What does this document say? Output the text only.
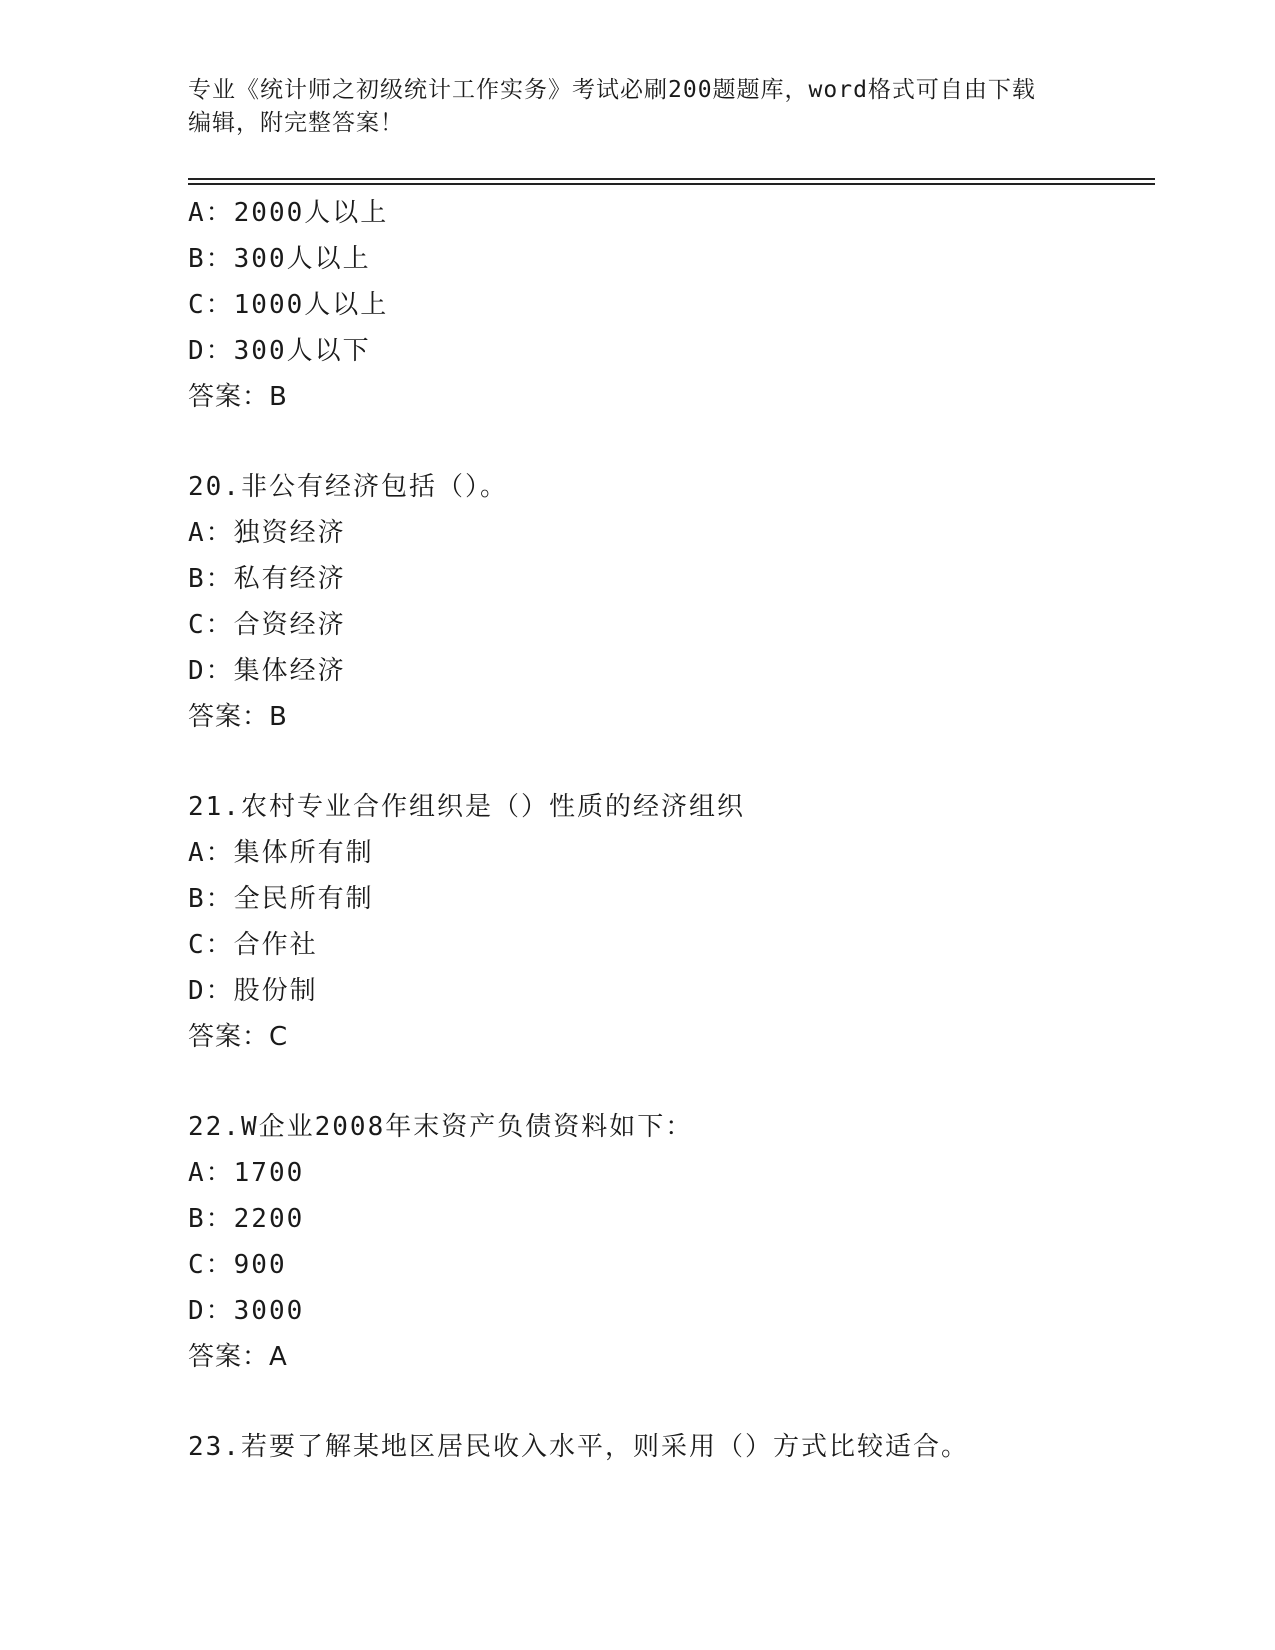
专业《统计师之初级统计工作实务》考试必刷200题题库，word格式可自由下载
编辑，附完整答案！
A：2000人以上
B：300人以上
C：1000人以上
D：300人以下
答案：B
20.非公有经济包括（）。
A：独资经济
B：私有经济
C：合资经济
D：集体经济
答案：B
21.农村专业合作组织是（）性质的经济组织
A：集体所有制
B：全民所有制
C：合作社
D：股份制
答案：C
22.W企业2008年末资产负债资料如下：
A：1700
B：2200
C：900
D：3000
答案：A
23.若要了解某地区居民收入水平，则采用（）方式比较适合。
